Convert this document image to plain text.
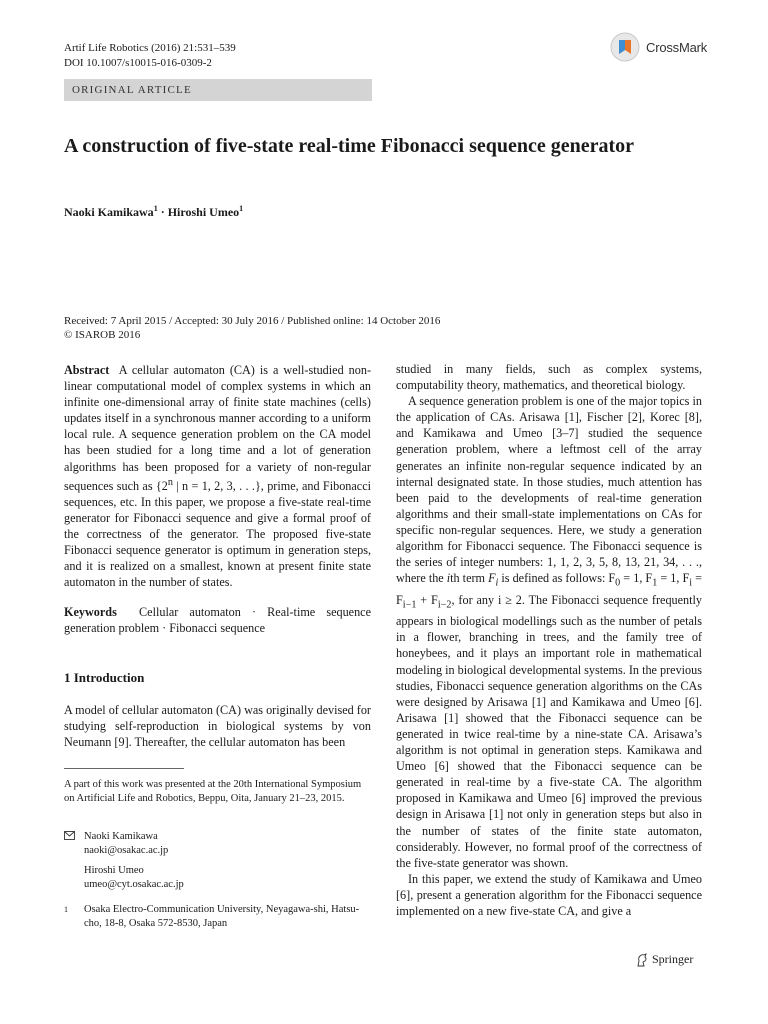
Artif Life Robotics (2016) 21:531–539
DOI 10.1007/s10015-016-0309-2
CrossMark
ORIGINAL ARTICLE
A construction of five-state real-time Fibonacci sequence generator
Naoki Kamikawa$^1$ · Hiroshi Umeo$^1$
Received: 7 April 2015 / Accepted: 30 July 2016 / Published online: 14 October 2016
© ISAROB 2016

Abstract A cellular automaton (CA) is a well-studied non-linear computational model of complex systems in which an infinite one-dimensional array of finite state machines (cells) updates itself in a synchronous manner according to a uniform local rule. A sequence generation problem on the CA model has been studied for a long time and a lot of generation algorithms has been proposed for a variety of non-regular sequences such as {2$^n$ | n = 1, 2, 3, . . .}, prime, and Fibonacci sequences, etc. In this paper, we propose a five-state real-time generator for Fibonacci sequence and give a formal proof of the correctness of the generator. The proposed five-state Fibonacci sequence generator is optimum in generation steps, and it is realized on a smallest, known at present finite state automaton in the number of states.

Keywords Cellular automaton · Real-time sequence generation problem · Fibonacci sequence

1 Introduction

A model of cellular automaton (CA) was originally devised for studying self-reproduction in biological systems by von Neumann [9]. Thereafter, the cellular automaton has been

A part of this work was presented at the 20th International Symposium on Artificial Life and Robotics, Beppu, Oita, January 21–23, 2015.
Naoki Kamikawa
naoki@osakac.ac.jp
Hiroshi Umeo
umeo@cyt.osakac.ac.jp
1 Osaka Electro-Communication University, Neyagawa-shi, Hatsu-cho, 18-8, Osaka 572-8530, Japan

studied in many fields, such as complex systems, computability theory, mathematics, and theoretical biology.

A sequence generation problem is one of the major topics in the application of CAs. Arisawa [1], Fischer [2], Korec [8], and Kamikawa and Umeo [3–7] studied the sequence generation problem, where a leftmost cell of the array generates an infinite non-regular sequence indicated by an internal designated state. In those studies, much attention has been paid to the developments of real-time generation algorithms and their small-state implementations on CAs for specific non-regular sequences. Here, we study a generation algorithm for Fibonacci sequence. The Fibonacci sequence is the series of integer numbers: 1, 1, 2, 3, 5, 8, 13, 21, 34, . . ., where the ith term $F_i$ is defined as follows: $F_0 = 1$, $F_1 = 1$, $F_i = F_{i-1} + F_{i-2}$, for any i ≥ 2. The Fibonacci sequence frequently appears in biological modellings such as the number of petals in a flower, branching in trees, and the family tree of honeybees, and it plays an important role in mathematical modeling in biological developmental systems. In the previous studies, Fibonacci sequence generation algorithms on the CAs were designed by Arisawa [1] and Kamikawa and Umeo [6]. Arisawa [1] showed that the Fibonacci sequence can be generated in twice real-time by a nine-state CA. Arisawa’s algorithm is not optimal in generation steps. Kamikawa and Umeo [6] showed that the Fibonacci sequence can be generated in real-time by a five-state CA. The algorithm proposed in Kamikawa and Umeo [6] improved the previous design in Arisawa [1] not only in generation steps but also in the number of states of the finite state automaton, considerably. However, no formal proof of the correctness of the five-state generator was shown.

In this paper, we extend the study of Kamikawa and Umeo [6], present a generation algorithm for the Fibonacci sequence implemented on a new five-state CA, and give a

Springer
